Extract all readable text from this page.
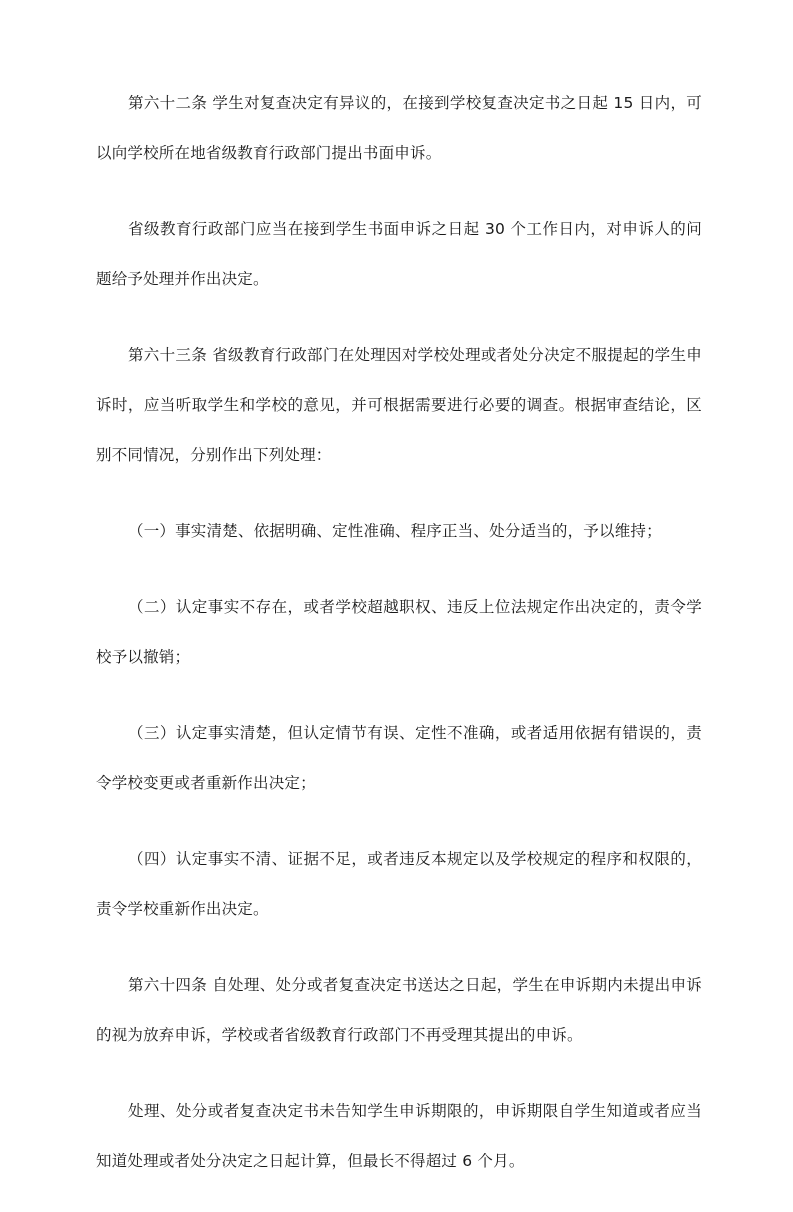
第六十二条 学生对复查决定有异议的，在接到学校复查决定书之日起 15 日内，可以向学校所在地省级教育行政部门提出书面申诉。

省级教育行政部门应当在接到学生书面申诉之日起 30 个工作日内，对申诉人的问题给予处理并作出决定。

第六十三条 省级教育行政部门在处理因对学校处理或者处分决定不服提起的学生申诉时，应当听取学生和学校的意见，并可根据需要进行必要的调查。根据审查结论，区别不同情况，分别作出下列处理：

（一）事实清楚、依据明确、定性准确、程序正当、处分适当的，予以维持；

（二）认定事实不存在，或者学校超越职权、违反上位法规定作出决定的，责令学校予以撤销；

（三）认定事实清楚，但认定情节有误、定性不准确，或者适用依据有错误的，责令学校变更或者重新作出决定；

（四）认定事实不清、证据不足，或者违反本规定以及学校规定的程序和权限的，责令学校重新作出决定。

第六十四条 自处理、处分或者复查决定书送达之日起，学生在申诉期内未提出申诉的视为放弃申诉，学校或者省级教育行政部门不再受理其提出的申诉。

处理、处分或者复查决定书未告知学生申诉期限的，申诉期限自学生知道或者应当知道处理或者处分决定之日起计算，但最长不得超过 6 个月。
